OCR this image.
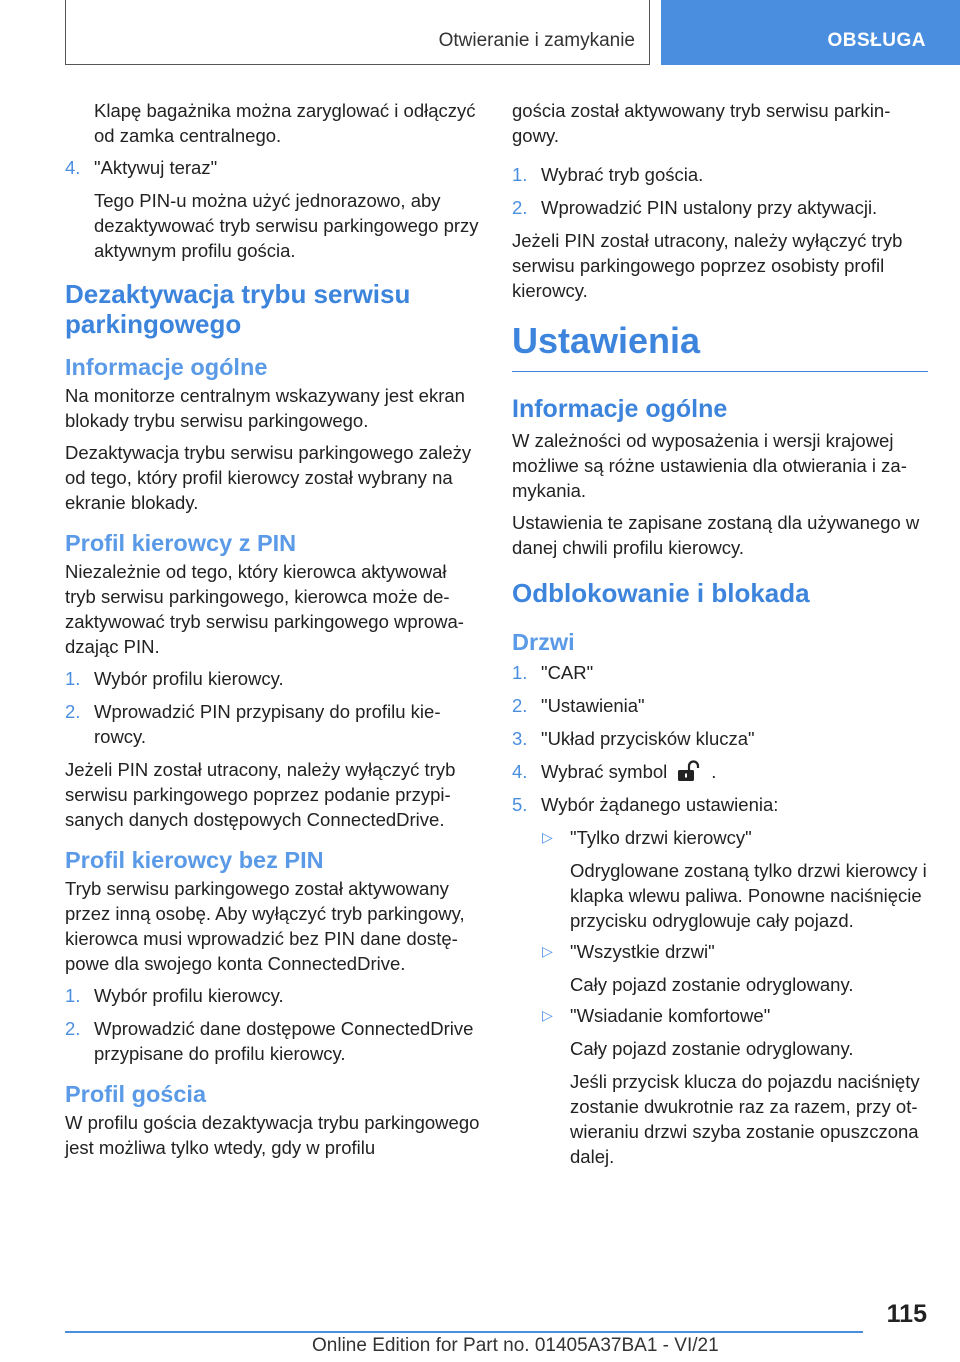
Otwieranie i zamykanie	OBSŁUGA

Klapę bagażnika można zaryglować i odłączyć od zamka centralnego.

4. "Aktywuj teraz"
Tego PIN-u można użyć jednorazowo, aby dezaktywować tryb serwisu parkingowego przy aktywnym profilu gościa.
Dezaktywacja trybu serwisu parkingowego
Informacje ogólne

Na monitorze centralnym wskazywany jest ekran blokady trybu serwisu parkingowego.

Dezaktywacja trybu serwisu parkingowego zależy od tego, który profil kierowcy został wybrany na ekranie blokady.

Profil kierowcy z PIN

Niezależnie od tego, który kierowca aktywował tryb serwisu parkingowego, kierowca może dezaktywować tryb serwisu parkingowego wprowadzając PIN.

1. Wybór profilu kierowcy.
2. Wprowadzić PIN przypisany do profilu kierowcy.

Jeżeli PIN został utracony, należy wyłączyć tryb serwisu parkingowego poprzez podanie przypisanych danych dostępowych ConnectedDrive.

Profil kierowcy bez PIN

Tryb serwisu parkingowego został aktywowany przez inną osobę. Aby wyłączyć tryb parkingowy, kierowca musi wprowadzić bez PIN dane dostępowe dla swojego konta ConnectedDrive.

1. Wybór profilu kierowcy.
2. Wprowadzić dane dostępowe ConnectedDrive przypisane do profilu kierowcy.
Profil gościa

W profilu gościa dezaktywacja trybu parkingowego jest możliwa tylko wtedy, gdy w profilu

gościa został aktywowany tryb serwisu parkingowy.

1. Wybrać tryb gościa.
2. Wprowadzić PIN ustalony przy aktywacji.

Jeżeli PIN został utracony, należy wyłączyć tryb serwisu parkingowego poprzez osobisty profil kierowcy.

Ustawienia
Informacje ogólne

W zależności od wyposażenia i wersji krajowej możliwe są różne ustawienia dla otwierania i zamykania.

Ustawienia te zapisane zostaną dla używanego w danej chwili profilu kierowcy.

Odblokowanie i blokada
Drzwi
1. "CAR"
2. "Ustawienia"
3. "Układ przycisków klucza"
4. Wybrać symbol .
5. Wybór żądanego ustawienia:
▷ "Tylko drzwi kierowcy"
Odryglowane zostaną tylko drzwi kierowcy i klapka wlewu paliwa. Ponowne naciśnięcie przycisku odryglowuje cały pojazd.
▷ "Wszystkie drzwi"
Cały pojazd zostanie odryglowany.
▷ "Wsiadanie komfortowe"
Cały pojazd zostanie odryglowany.
Jeśli przycisk klucza do pojazdu naciśnięty zostanie dwukrotnie raz za razem, przy otwieraniu drzwi szyba zostanie opuszczona dalej.
115
Online Edition for Part no. 01405A37BA1 - VI/21
